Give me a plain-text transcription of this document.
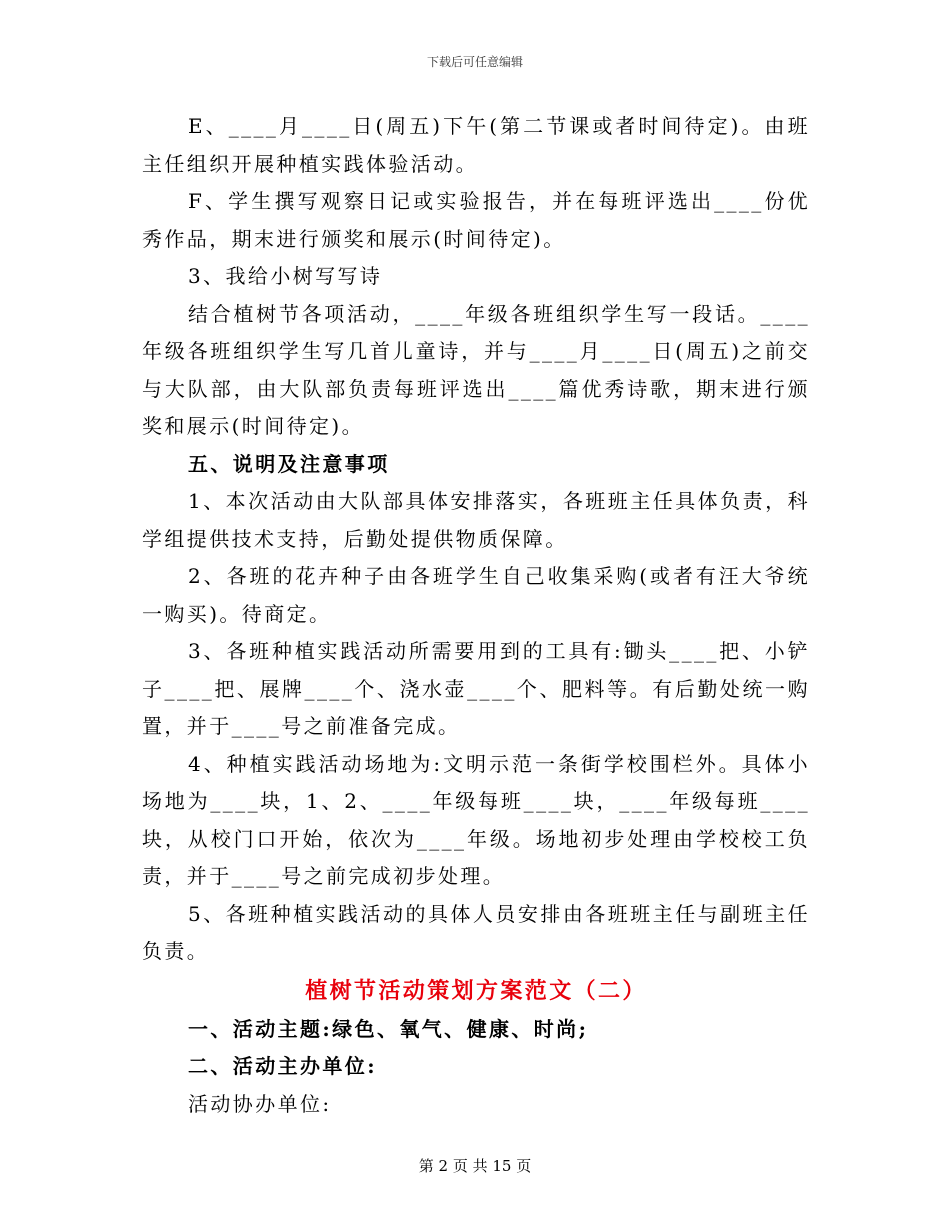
下载后可任意编辑

E、____月____日(周五)下午(第二节课或者时间待定)。由班主任组织开展种植实践体验活动。

F、学生撰写观察日记或实验报告，并在每班评选出____份优秀作品，期末进行颁奖和展示(时间待定)。

3、我给小树写写诗

结合植树节各项活动，____年级各班组织学生写一段话。____年级各班组织学生写几首儿童诗，并与____月____日(周五)之前交与大队部，由大队部负责每班评选出____篇优秀诗歌，期末进行颁奖和展示(时间待定)。

五、说明及注意事项

1、本次活动由大队部具体安排落实，各班班主任具体负责，科学组提供技术支持，后勤处提供物质保障。

2、各班的花卉种子由各班学生自己收集采购(或者有汪大爷统一购买)。待商定。

3、各班种植实践活动所需要用到的工具有:锄头____把、小铲子____把、展牌____个、浇水壶____个、肥料等。有后勤处统一购置，并于____号之前准备完成。

4、种植实践活动场地为:文明示范一条街学校围栏外。具体小场地为____块，1、2、____年级每班____块，____年级每班____块，从校门口开始，依次为____年级。场地初步处理由学校校工负责，并于____号之前完成初步处理。

5、各班种植实践活动的具体人员安排由各班班主任与副班主任负责。

植树节活动策划方案范文（二）

一、活动主题:绿色、氧气、健康、时尚;

二、活动主办单位:

活动协办单位:

第 2 页 共 15 页
